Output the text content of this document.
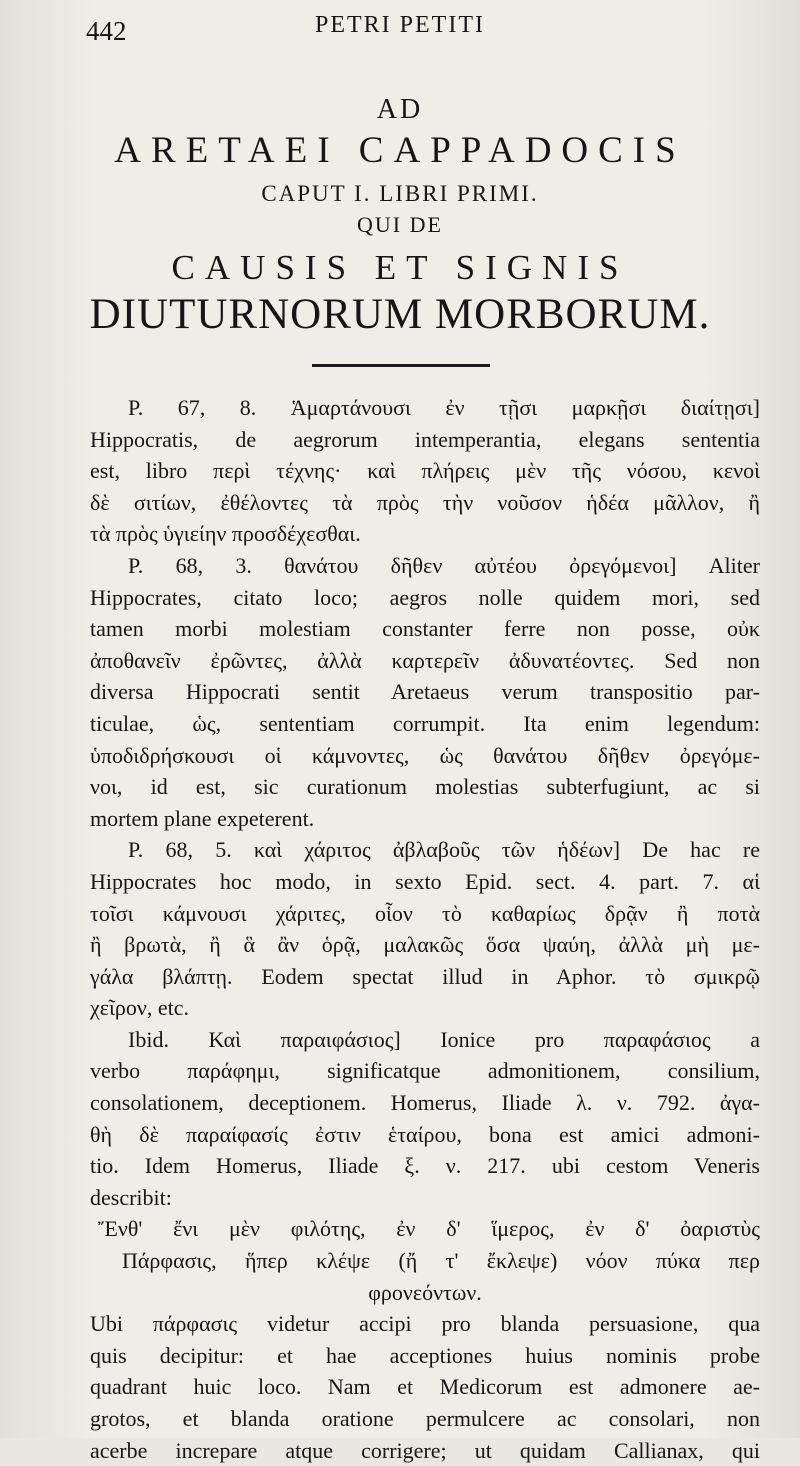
442	PETRI PETITI
AD
ARETAEI CAPPADOCIS
CAPUT I. LIBRI PRIMI.
QUI DE
CAUSIS ET SIGNIS
DIUTURNORUM MORBORUM.
P. 67, 8. Ἁμαρτάνουσι ἐν τῇσι μαρκῇσι διαίτῃσι]
Hippocratis, de aegrorum intemperantia, elegans sententia
est, libro περὶ τέχνης· καὶ πλήρεις μὲν τῆς νόσου, κενοὶ
δὲ σιτίων, ἐθέλοντες τὰ πρὸς τὴν νοῦσον ἡδέα μᾶλλον, ἢ
τὰ πρὸς ὑγιείην προσδέχεσθαι.
P. 68, 3. θανάτου δῆθεν αὐτέου ὀρεγόμενοι] Aliter
Hippocrates, citato loco; aegros nolle quidem mori, sed
tamen morbi molestiam constanter ferre non posse, οὐκ
ἀποθανεῖν ἐρῶντες, ἀλλὰ καρτερεῖν ἀδυνατέοντες. Sed non
diversa Hippocrati sentit Aretaeus verum transpositio par-
ticulae, ὡς, sententiam corrumpit. Ita enim legendum:
ὑποδιδρήσκουσι οἱ κάμνοντες, ὡς θανάτου δῆθεν ὀρεγόμε-
νοι, id est, sic curationum molestias subterfugiunt, ac si
mortem plane expeterent.
P. 68, 5. καὶ χάριτος ἀβλαβοῦς τῶν ἡδέων] De hac re
Hippocrates hoc modo, in sexto Epid. sect. 4. part. 7. αἱ
τοῖσι κάμνουσι χάριτες, οἷον τὸ καθαρίως δρᾷν ἢ ποτὰ
ἢ βρωτὰ, ἢ ἃ ἂν ὁρᾷ, μαλακῶς ὅσα ψαύη, ἀλλὰ μὴ με-
γάλα βλάπτῃ. Eodem spectat illud in Aphor. τὸ σμικρῷ
χεῖρον, etc.
Ibid. Καὶ παραιφάσιος] Ionice pro παραφάσιος a
verbo παράφημι, significatque admonitionem, consilium,
consolationem, deceptionem. Homerus, Iliade λ. ν. 792. ἀγα-
θὴ δὲ παραίφασίς ἐστιν ἑταίρου, bona est amici admoni-
tio. Idem Homerus, Iliade ξ. ν. 217. ubi cestom Veneris
describit:
Ἔνθ' ἔνι μὲν φιλότης, ἐν δ' ἵμερος, ἐν δ' ὀαριστὺς
Πάρφασις, ἥπερ κλέψε (ἤ τ' ἔκλεψε) νόον πύκα περ
φρονεόντων.
Ubi πάρφασις videtur accipi pro blanda persuasione, qua
quis decipitur: et hae acceptiones huius nominis probe
quadrant huic loco. Nam et Medicorum est admonere ae-
grotos, et blanda oratione permulcere ac consolari, non
acerbe increpare atque corrigere; ut quidam Callianax, qui
